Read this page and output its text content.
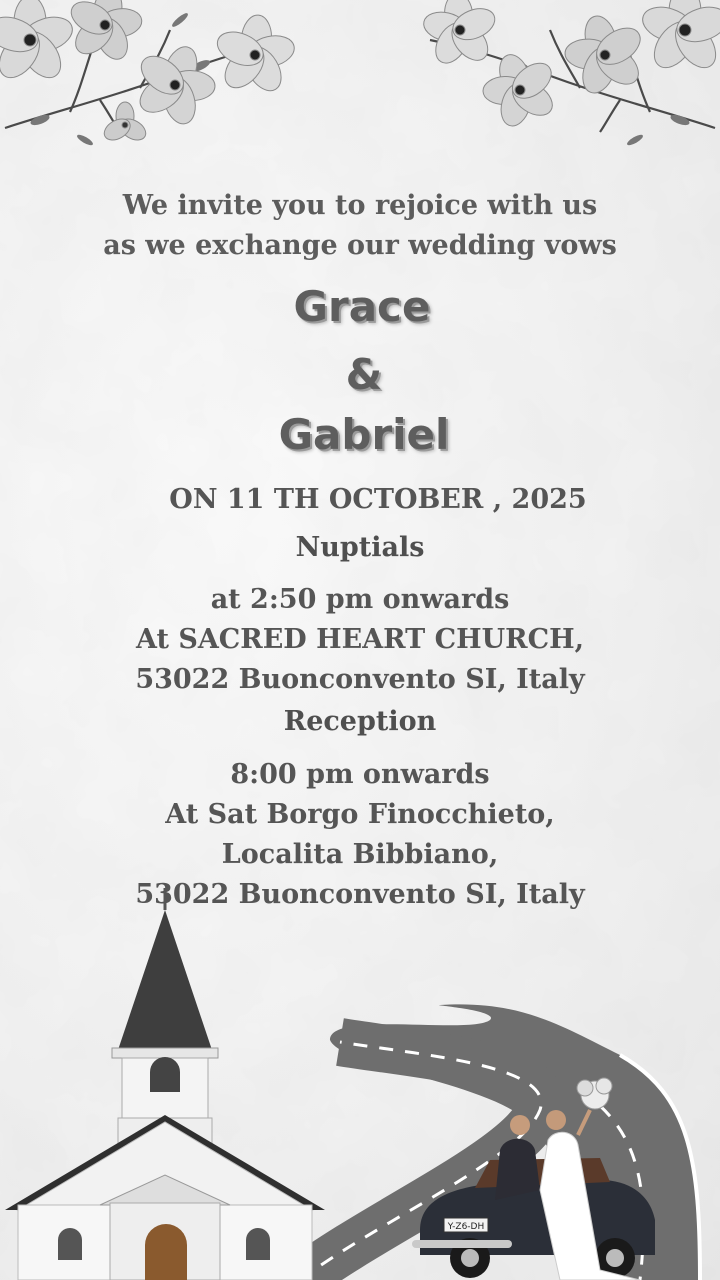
We invite you to rejoice with us
as we exchange our wedding vows
Grace
&
Gabriel
ON 11 TH OCTOBER , 2025
Nuptials
at 2:50 pm onwards
At SACRED HEART CHURCH,
53022 Buonconvento SI, Italy
Reception
8:00 pm onwards
At Sat Borgo Finocchieto,
Localita Bibbiano,
53022 Buonconvento SI, Italy
Y-Z6-DH
